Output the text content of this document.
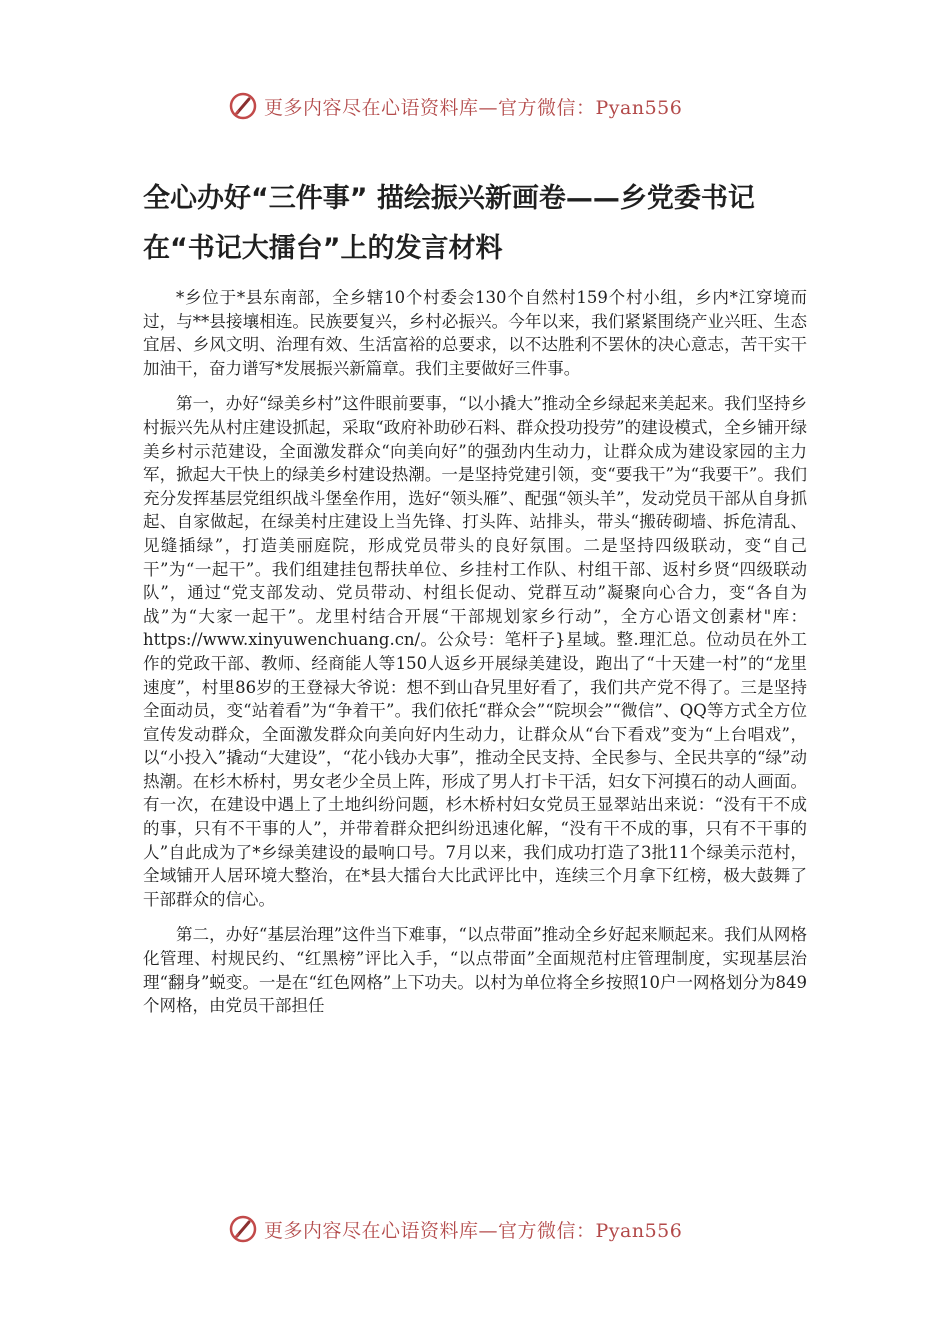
更多内容尽在心语资料库—官方微信：Pyan556
全心办好“三件事” 描绘振兴新画卷——乡党委书记在“书记大擂台”上的发言材料

*乡位于*县东南部，全乡辖10个村委会130个自然村159个村小组，乡内*江穿境而过，与**县接壤相连。民族要复兴，乡村必振兴。今年以来，我们紧紧围绕产业兴旺、生态宜居、乡风文明、治理有效、生活富裕的总要求，以不达胜利不罢休的决心意志，苦干实干加油干，奋力谱写*发展振兴新篇章。我们主要做好三件事。

第一，办好“绿美乡村”这件眼前要事，“以小撬大”推动全乡绿起来美起来。我们坚持乡村振兴先从村庄建设抓起，采取“政府补助砂石料、群众投功投劳”的建设模式，全乡铺开绿美乡村示范建设，全面激发群众“向美向好”的强劲内生动力，让群众成为建设家园的主力军，掀起大干快上的绿美乡村建设热潮。一是坚持党建引领，变“要我干”为“我要干”。我们充分发挥基层党组织战斗堡垒作用，选好“领头雁”、配强“领头羊”，发动党员干部从自身抓起、自家做起，在绿美村庄建设上当先锋、打头阵、站排头，带头“搬砖砌墙、拆危清乱、见缝插绿”，打造美丽庭院，形成党员带头的良好氛围。二是坚持四级联动，变“自己干”为“一起干”。我们组建挂包帮扶单位、乡挂村工作队、村组干部、返村乡贤“四级联动队”，通过“党支部发动、党员带动、村组长促动、党群互动”凝聚向心合力，变“各自为战”为“大家一起干”。龙里村结合开展“干部规划家乡行动”，全方心语文创素材"库：https://www.xinyuwenchuang.cn/。公众号：笔杆子}星域。整.理汇总。位动员在外工作的党政干部、教师、经商能人等150人返乡开展绿美建设，跑出了“十天建一村”的“龙里速度”，村里86岁的王登禄大爷说：想不到山旮旯里好看了，我们共产党不得了。三是坚持全面动员，变“站着看”为“争着干”。我们依托“群众会”“院坝会”“微信”、QQ等方式全方位宣传发动群众，全面激发群众向美向好内生动力，让群众从“台下看戏”变为“上台唱戏”，以“小投入”撬动“大建设”，“花小钱办大事”，推动全民支持、全民参与、全民共享的“绿”动热潮。在杉木桥村，男女老少全员上阵，形成了男人打卡干活，妇女下河摸石的动人画面。有一次，在建设中遇上了土地纠纷问题，杉木桥村妇女党员王显翠站出来说：“没有干不成的事，只有不干事的人”，并带着群众把纠纷迅速化解，“没有干不成的事，只有不干事的人”自此成为了*乡绿美建设的最响口号。7月以来，我们成功打造了3批11个绿美示范村，全域铺开人居环境大整治，在*县大擂台大比武评比中，连续三个月拿下红榜，极大鼓舞了干部群众的信心。

第二，办好“基层治理”这件当下难事，“以点带面”推动全乡好起来顺起来。我们从网格化管理、村规民约、“红黑榜”评比入手，“以点带面”全面规范村庄管理制度，实现基层治理“翻身”蜕变。一是在“红色网格”上下功夫。以村为单位将全乡按照10户一网格划分为849个网格，由党员干部担任

更多内容尽在心语资料库—官方微信：Pyan556
